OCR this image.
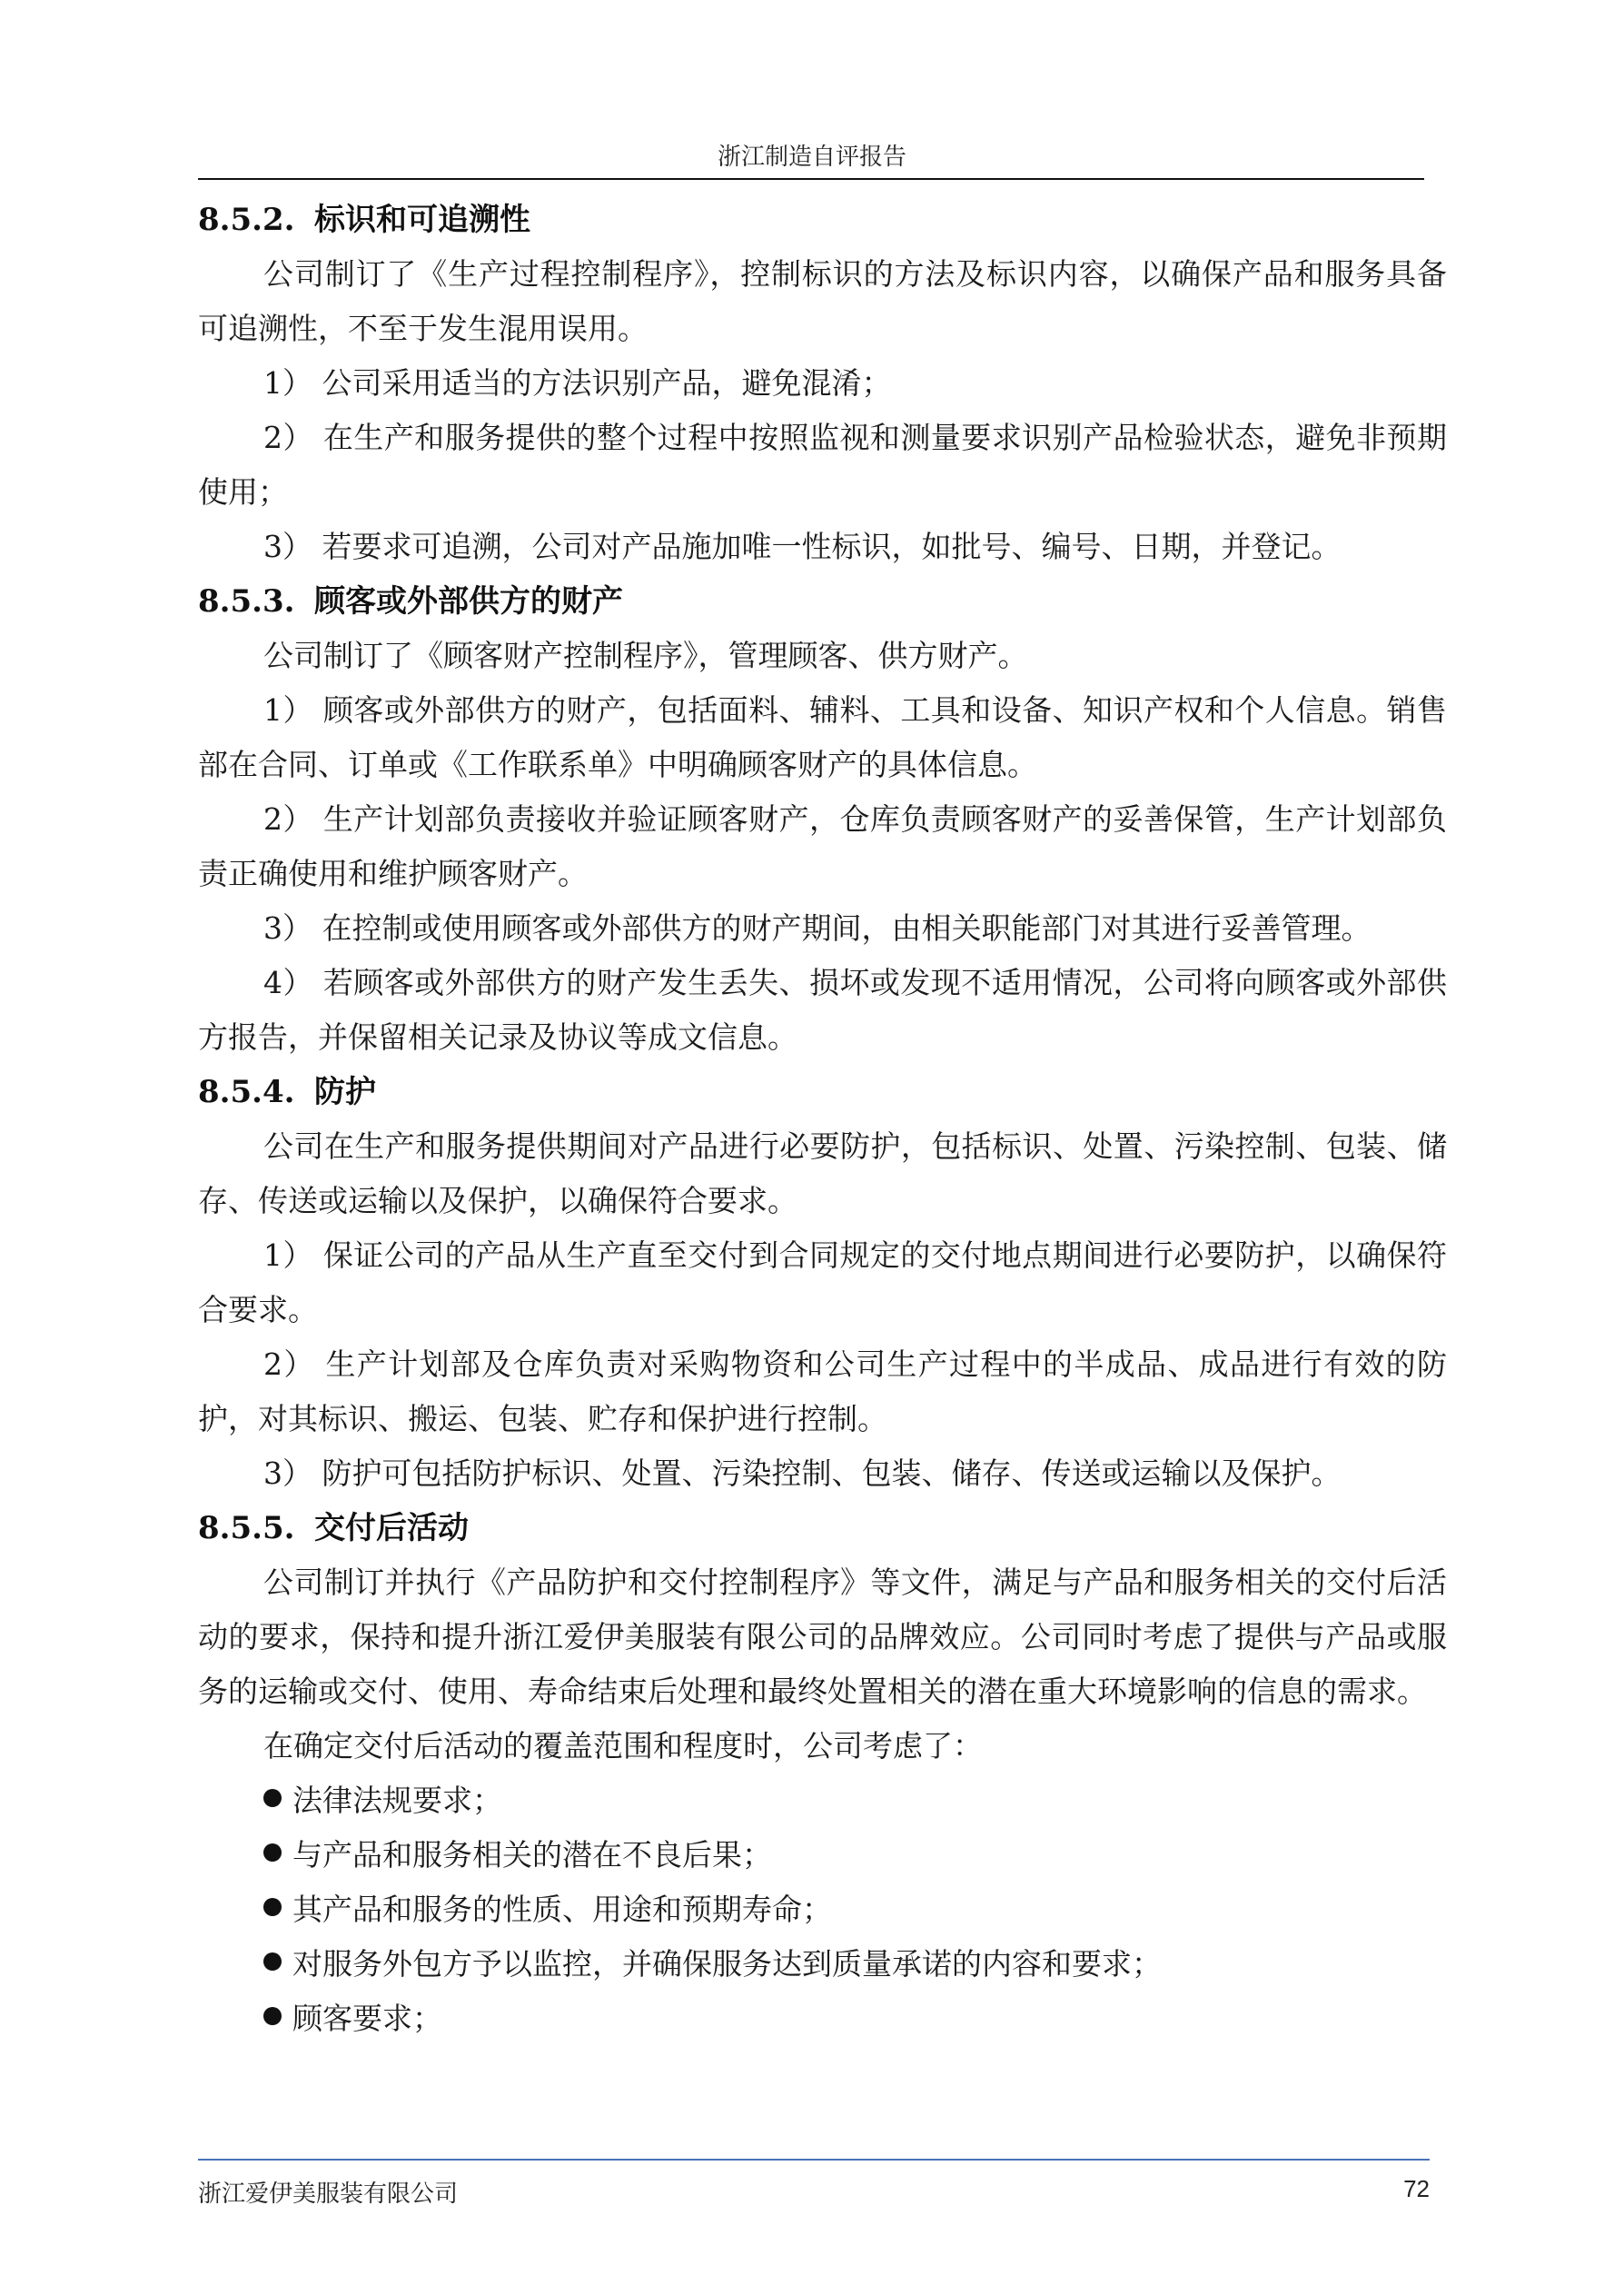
浙江制造自评报告
8.5.2. 标识和可追溯性

公司制订了《生产过程控制程序》，控制标识的方法及标识内容，以确保产品和服务具备可追溯性，不至于发生混用误用。

1） 公司采用适当的方法识别产品，避免混淆；

2） 在生产和服务提供的整个过程中按照监视和测量要求识别产品检验状态，避免非预期使用；

3） 若要求可追溯，公司对产品施加唯一性标识，如批号、编号、日期，并登记。

8.5.3. 顾客或外部供方的财产

公司制订了《顾客财产控制程序》，管理顾客、供方财产。

1） 顾客或外部供方的财产，包括面料、辅料、工具和设备、知识产权和个人信息。销售部在合同、订单或《工作联系单》中明确顾客财产的具体信息。

2） 生产计划部负责接收并验证顾客财产，仓库负责顾客财产的妥善保管，生产计划部负责正确使用和维护顾客财产。

3） 在控制或使用顾客或外部供方的财产期间，由相关职能部门对其进行妥善管理。

4） 若顾客或外部供方的财产发生丢失、损坏或发现不适用情况，公司将向顾客或外部供方报告，并保留相关记录及协议等成文信息。

8.5.4. 防护

公司在生产和服务提供期间对产品进行必要防护，包括标识、处置、污染控制、包装、储存、传送或运输以及保护，以确保符合要求。

1） 保证公司的产品从生产直至交付到合同规定的交付地点期间进行必要防护，以确保符合要求。

2） 生产计划部及仓库负责对采购物资和公司生产过程中的半成品、成品进行有效的防护，对其标识、搬运、包装、贮存和保护进行控制。

3） 防护可包括防护标识、处置、污染控制、包装、储存、传送或运输以及保护。

8.5.5. 交付后活动

公司制订并执行《产品防护和交付控制程序》等文件，满足与产品和服务相关的交付后活动的要求，保持和提升浙江爱伊美服装有限公司的品牌效应。公司同时考虑了提供与产品或服务的运输或交付、使用、寿命结束后处理和最终处置相关的潜在重大环境影响的信息的需求。

在确定交付后活动的覆盖范围和程度时，公司考虑了：

法律法规要求；
与产品和服务相关的潜在不良后果；
其产品和服务的性质、用途和预期寿命；
对服务外包方予以监控，并确保服务达到质量承诺的内容和要求；
顾客要求；
浙江爱伊美服装有限公司	72
